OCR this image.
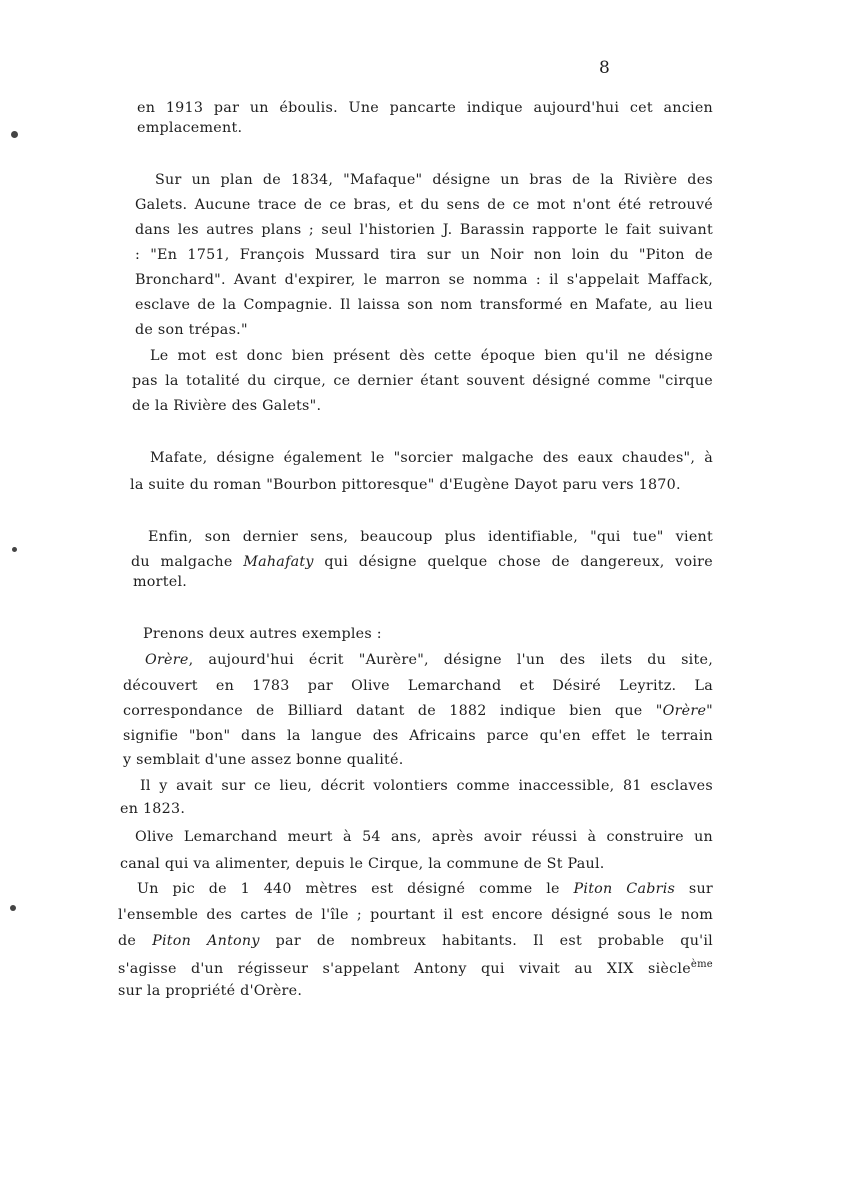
8
en 1913 par un éboulis. Une pancarte indique aujourd'hui cet ancien
emplacement.
Sur un plan de 1834, "Mafaque" désigne un bras de la Rivière des
Galets. Aucune trace de ce bras, et du sens de ce mot n'ont été retrouvé
dans les autres plans ; seul l'historien J. Barassin rapporte le fait suivant
: "En 1751, François Mussard tira sur un Noir non loin du "Piton de
Bronchard". Avant d'expirer, le marron se nomma : il s'appelait Maffack,
esclave de la Compagnie. Il laissa son nom transformé en Mafate, au lieu
de son trépas."
Le mot est donc bien présent dès cette époque bien qu'il ne désigne
pas la totalité du cirque, ce dernier étant souvent désigné comme "cirque
de la Rivière des Galets".
Mafate, désigne également le "sorcier malgache des eaux chaudes", à
la suite du roman "Bourbon pittoresque" d'Eugène Dayot paru vers 1870.
Enfin, son dernier sens, beaucoup plus identifiable, "qui tue" vient
du malgache Mahafaty qui désigne quelque chose de dangereux, voire
mortel.
Prenons deux autres exemples :
Orère, aujourd'hui écrit "Aurère", désigne l'un des ilets du site,
découvert en 1783 par Olive Lemarchand et Désiré Leyritz. La
correspondance de Billiard datant de 1882 indique bien que "Orère"
signifie "bon" dans la langue des Africains parce qu'en effet le terrain
y semblait d'une assez bonne qualité.
Il y avait sur ce lieu, décrit volontiers comme inaccessible, 81 esclaves
en 1823.
Olive Lemarchand meurt à 54 ans, après avoir réussi à construire un
canal qui va alimenter, depuis le Cirque, la commune de St Paul.
Un pic de 1 440 mètres est désigné comme le Piton Cabris sur
l'ensemble des cartes de l'île ; pourtant il est encore désigné sous le nom
de Piton Antony par de nombreux habitants. Il est probable qu'il
s'agisse d'un régisseur s'appelant Antony qui vivait au XIX siècle$^{ème}$
sur la propriété d'Orère.
